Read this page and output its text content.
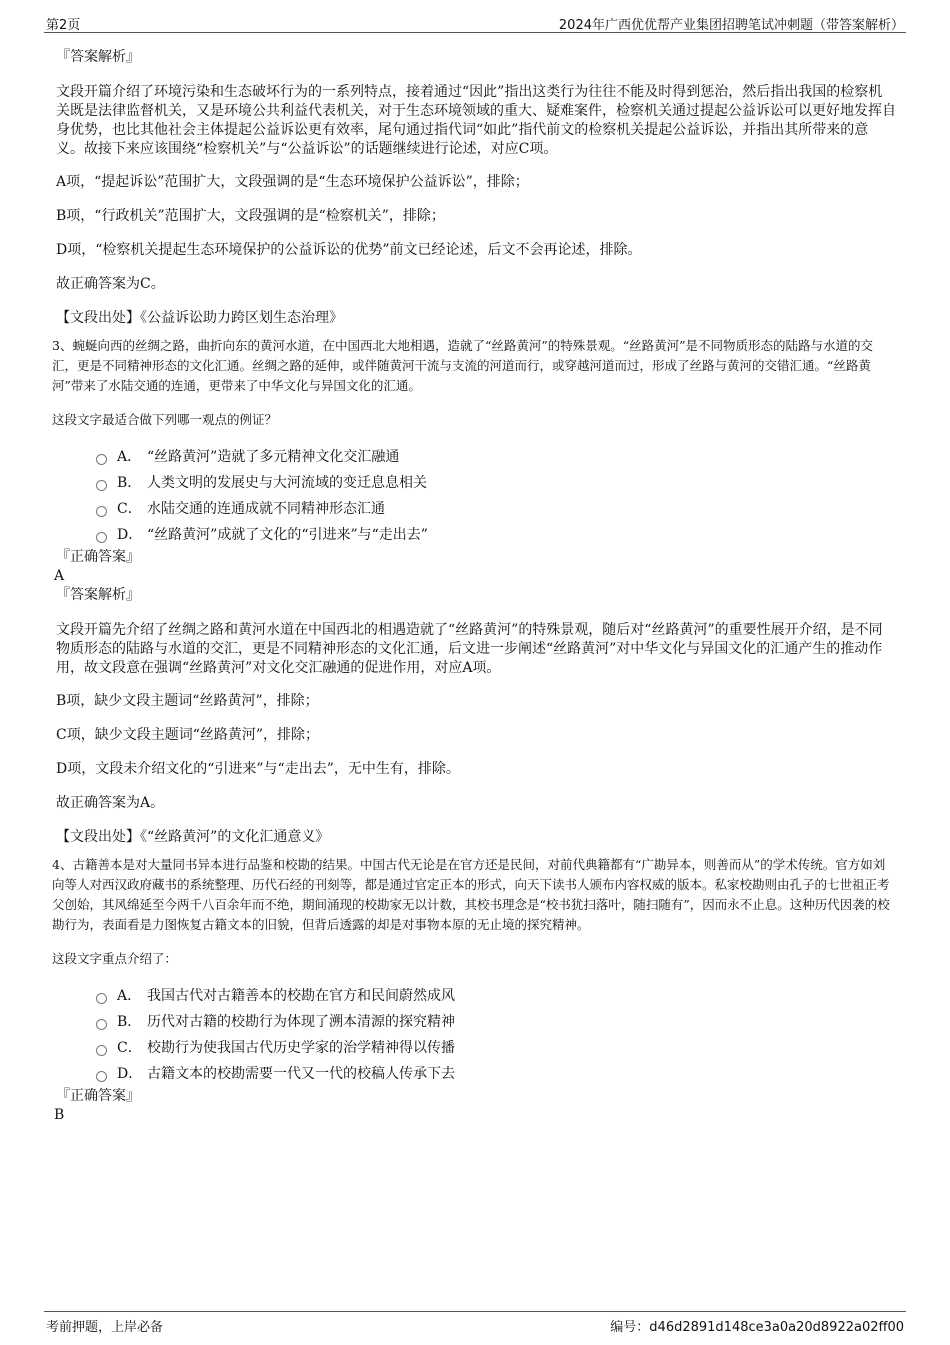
第2页	2024年广西优优帮产业集团招聘笔试冲刺题（带答案解析）

『答案解析』

文段开篇介绍了环境污染和生态破坏行为的一系列特点，接着通过“因此”指出这类行为往往不能及时得到惩治，然后指出我国的检察机关既是法律监督机关，又是环境公共利益代表机关，对于生态环境领域的重大、疑难案件，检察机关通过提起公益诉讼可以更好地发挥自身优势，也比其他社会主体提起公益诉讼更有效率，尾句通过指代词“如此”指代前文的检察机关提起公益诉讼，并指出其所带来的意义。故接下来应该围绕“检察机关”与“公益诉讼”的话题继续进行论述，对应C项。

A项，“提起诉讼”范围扩大，文段强调的是“生态环境保护公益诉讼”，排除；

B项，“行政机关”范围扩大，文段强调的是“检察机关”，排除；

D项，“检察机关提起生态环境保护的公益诉讼的优势”前文已经论述，后文不会再论述，排除。

故正确答案为C。

【文段出处】《公益诉讼助力跨区划生态治理》

3、蜿蜒向西的丝绸之路，曲折向东的黄河水道，在中国西北大地相遇，造就了“丝路黄河”的特殊景观。“丝路黄河”是不同物质形态的陆路与水道的交汇，更是不同精神形态的文化汇通。丝绸之路的延伸，或伴随黄河干流与支流的河道而行，或穿越河道而过，形成了丝路与黄河的交错汇通。“丝路黄河”带来了水陆交通的连通，更带来了中华文化与异国文化的汇通。

这段文字最适合做下列哪一观点的例证？

A． “丝路黄河”造就了多元精神文化交汇融通
B． 人类文明的发展史与大河流域的变迁息息相关
C． 水陆交通的连通成就不同精神形态汇通
D． “丝路黄河”成就了文化的“引进来”与“走出去”

『正确答案』

A

『答案解析』

文段开篇先介绍了丝绸之路和黄河水道在中国西北的相遇造就了“丝路黄河”的特殊景观，随后对“丝路黄河”的重要性展开介绍，是不同物质形态的陆路与水道的交汇，更是不同精神形态的文化汇通，后文进一步阐述“丝路黄河”对中华文化与异国文化的汇通产生的推动作用，故文段意在强调“丝路黄河”对文化交汇融通的促进作用，对应A项。

B项，缺少文段主题词“丝路黄河”，排除；

C项，缺少文段主题词“丝路黄河”，排除；

D项，文段未介绍文化的“引进来”与“走出去”，无中生有，排除。

故正确答案为A。

【文段出处】《“丝路黄河”的文化汇通意义》

4、古籍善本是对大量同书异本进行品鉴和校勘的结果。中国古代无论是在官方还是民间，对前代典籍都有“广勘异本，则善而从”的学术传统。官方如刘向等人对西汉政府藏书的系统整理、历代石经的刊刻等，都是通过官定正本的形式，向天下读书人颁布内容权威的版本。私家校勘则由孔子的七世祖正考父创始，其风绵延至今两千八百余年而不绝，期间涌现的校勘家无以计数，其校书理念是“校书犹扫落叶，随扫随有”，因而永不止息。这种历代因袭的校勘行为，表面看是力图恢复古籍文本的旧貌，但背后透露的却是对事物本原的无止境的探究精神。

这段文字重点介绍了：

A． 我国古代对古籍善本的校勘在官方和民间蔚然成风
B． 历代对古籍的校勘行为体现了溯本清源的探究精神
C． 校勘行为使我国古代历史学家的治学精神得以传播
D． 古籍文本的校勘需要一代又一代的校稿人传承下去

『正确答案』

B

考前押题，上岸必备	编号：d46d2891d148ce3a0a20d8922a02ff00
